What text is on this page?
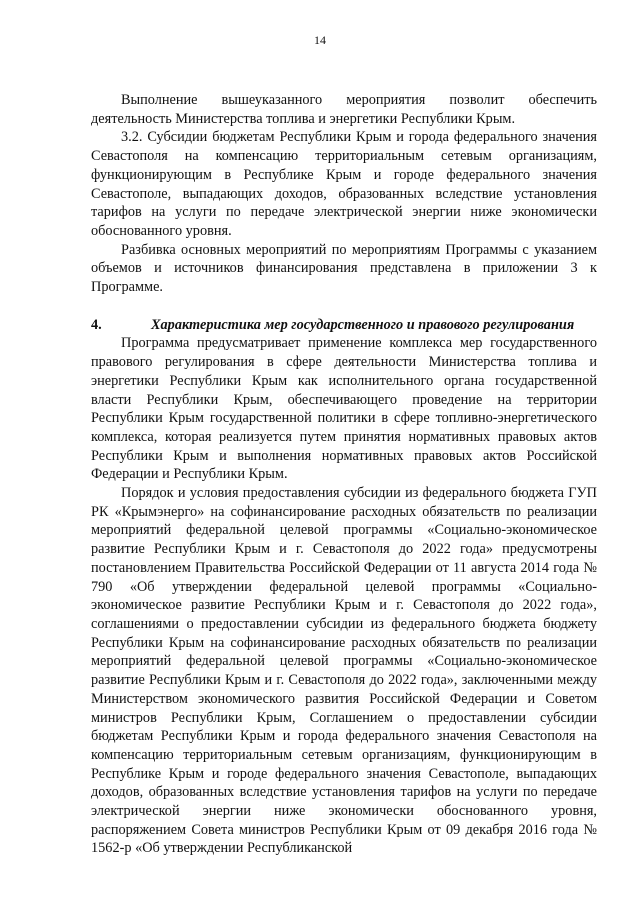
14

Выполнение вышеуказанного мероприятия позволит обеспечить деятельность Министерства топлива и энергетики Республики Крым.

3.2. Субсидии бюджетам Республики Крым и города федерального значения Севастополя на компенсацию территориальным сетевым организациям, функционирующим в Республике Крым и городе федерального значения Севастополе, выпадающих доходов, образованных вследствие установления тарифов на услуги по передаче электрической энергии ниже экономически обоснованного уровня.

Разбивка основных мероприятий по мероприятиям Программы с указанием объемов и источников финансирования представлена в приложении 3 к Программе.

4.	Характеристика мер государственного и правового регулирования

Программа предусматривает применение комплекса мер государственного правового регулирования в сфере деятельности Министерства топлива и энергетики Республики Крым как исполнительного органа государственной власти Республики Крым, обеспечивающего проведение на территории Республики Крым государственной политики в сфере топливно-энергетического комплекса, которая реализуется путем принятия нормативных правовых актов Республики Крым и выполнения нормативных правовых актов Российской Федерации и Республики Крым.

Порядок и условия предоставления субсидии из федерального бюджета ГУП РК «Крымэнерго» на софинансирование расходных обязательств по реализации мероприятий федеральной целевой программы «Социально-экономическое развитие Республики Крым и г. Севастополя до 2022 года» предусмотрены постановлением Правительства Российской Федерации от 11 августа 2014 года № 790 «Об утверждении федеральной целевой программы «Социально-экономическое развитие Республики Крым и г. Севастополя до 2022 года», соглашениями о предоставлении субсидии из федерального бюджета бюджету Республики Крым на софинансирование расходных обязательств по реализации мероприятий федеральной целевой программы «Социально-экономическое развитие Республики Крым и г. Севастополя до 2022 года», заключенными между Министерством экономического развития Российской Федерации и Советом министров Республики Крым, Соглашением о предоставлении субсидии бюджетам Республики Крым и города федерального значения Севастополя на компенсацию территориальным сетевым организациям, функционирующим в Республике Крым и городе федерального значения Севастополе, выпадающих доходов, образованных вследствие установления тарифов на услуги по передаче электрической энергии ниже экономически обоснованного уровня, распоряжением Совета министров Республики Крым от 09 декабря 2016 года № 1562-р «Об утверждении Республиканской
